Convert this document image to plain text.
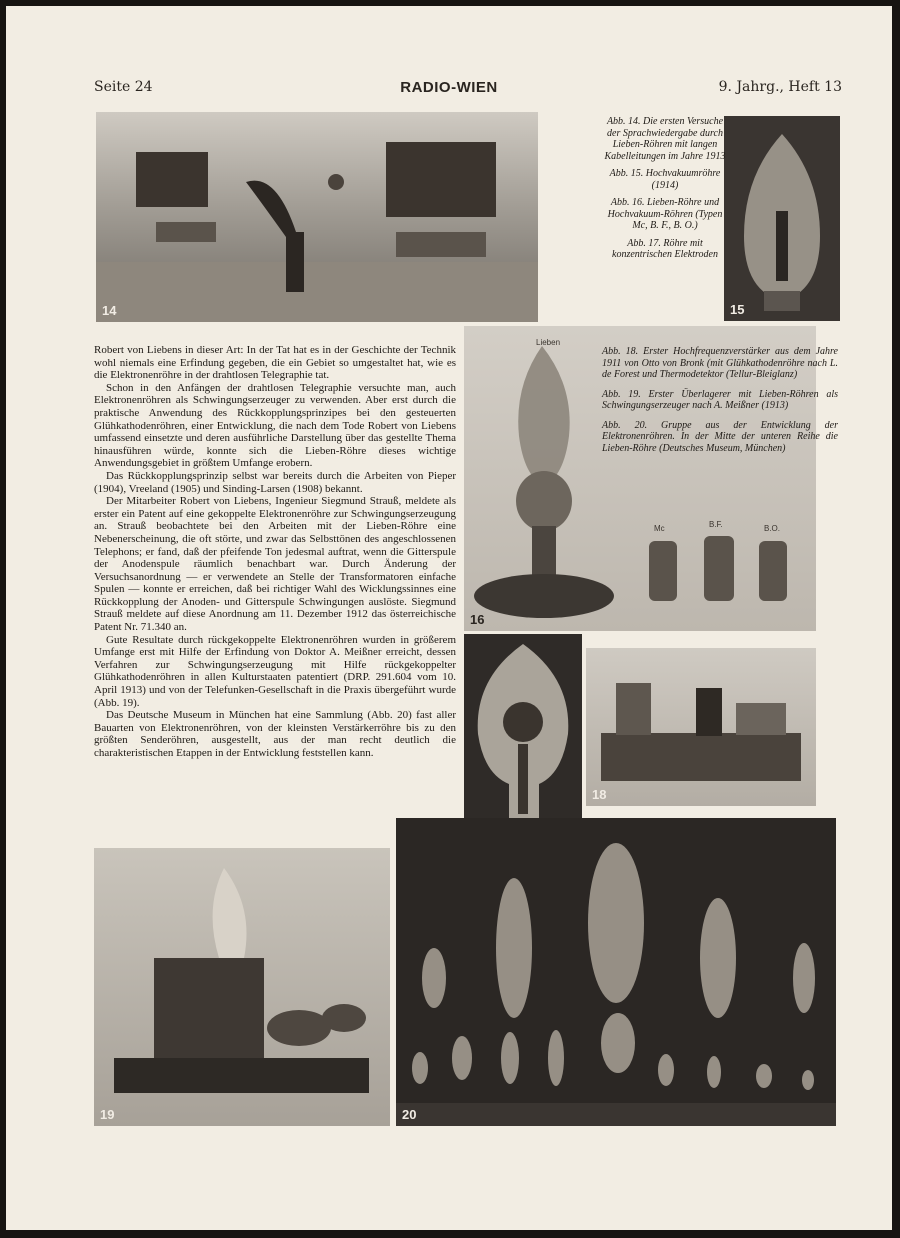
Seite 24	RADIO-WIEN	9. Jahrg., Heft 13
14	15

Abb. 14. Die ersten Versuche der Sprachwiedergabe durch Lieben-Röhren mit langen Kabelleitungen im Jahre 1913

Abb. 15. Hochvakuumröhre (1914)

Abb. 16. Lieben-Röhre und Hochvakuum-Röhren (Typen Mc, B. F., B. O.)

Abb. 17. Röhre mit konzentrischen Elektroden

Lieben
Mc	B.F.	B.O.
16

Abb. 18. Erster Hochfrequenzverstärker aus dem Jahre 1911 von Otto von Bronk (mit Glühkathodenröhre nach L. de Forest und Thermodetektor (Tellur-Bleiglanz)

Abb. 19. Erster Überlagerer mit Lieben-Röhren als Schwingungserzeuger nach A. Meißner (1913)

Abb. 20. Gruppe aus der Entwicklung der Elektronenröhren. In der Mitte der unteren Reihe die Lieben-Röhre (Deutsches Museum, München)

Robert von Liebens in dieser Art: In der Tat hat es in der Geschichte der Technik wohl niemals eine Erfindung gegeben, die ein Gebiet so umgestaltet hat, wie es die Elektronenröhre in der drahtlosen Telegraphie tat.

Schon in den Anfängen der drahtlosen Telegraphie versuchte man, auch Elektronenröhren als Schwingungserzeuger zu verwenden. Aber erst durch die praktische Anwendung des Rückkopplungsprinzipes bei den gesteuerten Glühkathodenröhren, einer Entwicklung, die nach dem Tode Robert von Liebens umfassend einsetzte und deren ausführliche Darstellung über das gestellte Thema hinausführen würde, konnte sich die Lieben-Röhre dieses wichtige Anwendungsgebiet in größtem Umfange erobern.

Das Rückkopplungsprinzip selbst war bereits durch die Arbeiten von Pieper (1904), Vreeland (1905) und Sinding-Larsen (1908) bekannt.

Der Mitarbeiter Robert von Liebens, Ingenieur Siegmund Strauß, meldete als erster ein Patent auf eine gekoppelte Elektronenröhre zur Schwingungserzeugung an. Strauß beobachtete bei den Arbeiten mit der Lieben-Röhre eine Nebenerscheinung, die oft störte, und zwar das Selbsttönen des angeschlossenen Telephons; er fand, daß der pfeifende Ton jedesmal auftrat, wenn die Gitterspule der Anodenspule räumlich benachbart war. Durch Änderung der Versuchsanordnung — er verwendete an Stelle der Transformatoren einfache Spulen — konnte er erreichen, daß bei richtiger Wahl des Wicklungssinnes eine Rückkopplung der Anoden- und Gitterspule Schwingungen auslöste. Siegmund Strauß meldete auf diese Anordnung am 11. Dezember 1912 das österreichische Patent Nr. 71.340 an.

Gute Resultate durch rückgekoppelte Elektronenröhren wurden in größerem Umfange erst mit Hilfe der Erfindung von Doktor A. Meißner erreicht, dessen Verfahren zur Schwingungserzeugung mit Hilfe rückgekoppelter Glühkathodenröhren in allen Kulturstaaten patentiert (DRP. 291.604 vom 10. April 1913) und von der Telefunken-Gesellschaft in die Praxis übergeführt wurde (Abb. 19).

Das Deutsche Museum in München hat eine Sammlung (Abb. 20) fast aller Bauarten von Elektronenröhren, von der kleinsten Verstärkerröhre bis zu den größten Senderöhren, ausgestellt, aus der man recht deutlich die charakteristischen Etappen in der Entwicklung feststellen kann.

18
19	20
